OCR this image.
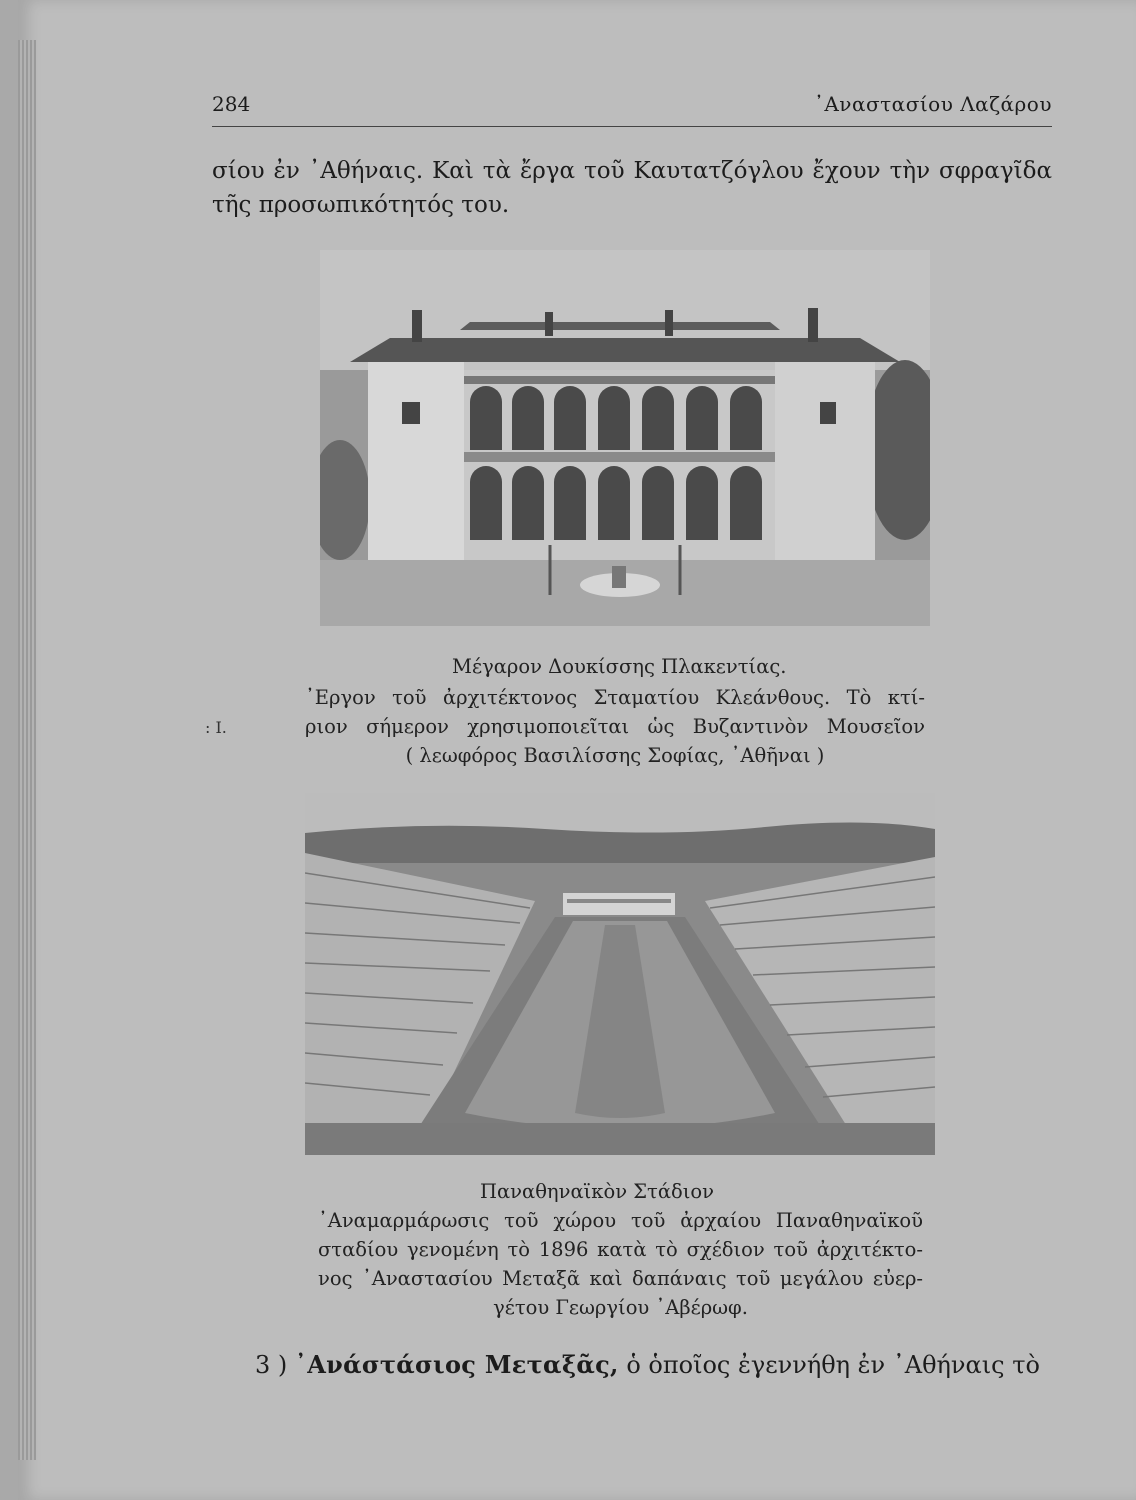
284	᾽Αναστασίου Λαζάρου
σίου ἐν ᾽Αθήναις. Καὶ τὰ ἔργα τοῦ Καυτατζόγλου ἔχουν τὴν σφραγῖδα
τῆς προσωπικότητός του.
Μέγαρον Δουκίσσης Πλακεντίας.
᾽Εργον τοῦ ἀρχιτέκτονος Σταματίου Κλεάνθους. Τὸ κτί-
ριον σήμερον χρησιμοποιεῖται ὡς Βυζαντινὸν Μουσεῖον
( λεωφόρος Βασιλίσσης Σοφίας, ᾽Αθῆναι )
: I.
Παναθηναϊκὸν Στάδιον
᾽Αναμαρμάρωσις τοῦ χώρου τοῦ ἀρχαίου Παναθηναϊκοῦ
σταδίου γενομένη τὸ 1896 κατὰ τὸ σχέδιον τοῦ ἀρχιτέκτο-
νος ᾽Αναστασίου Μεταξᾶ καὶ δαπάναις τοῦ μεγάλου εὐερ-
γέτου Γεωργίου ᾽Αβέρωφ.
3 ) ᾽Ανάστάσιος Μεταξᾶς, ὁ ὁποῖος ἐγεννήθη ἐν ᾽Αθήναις τὸ
